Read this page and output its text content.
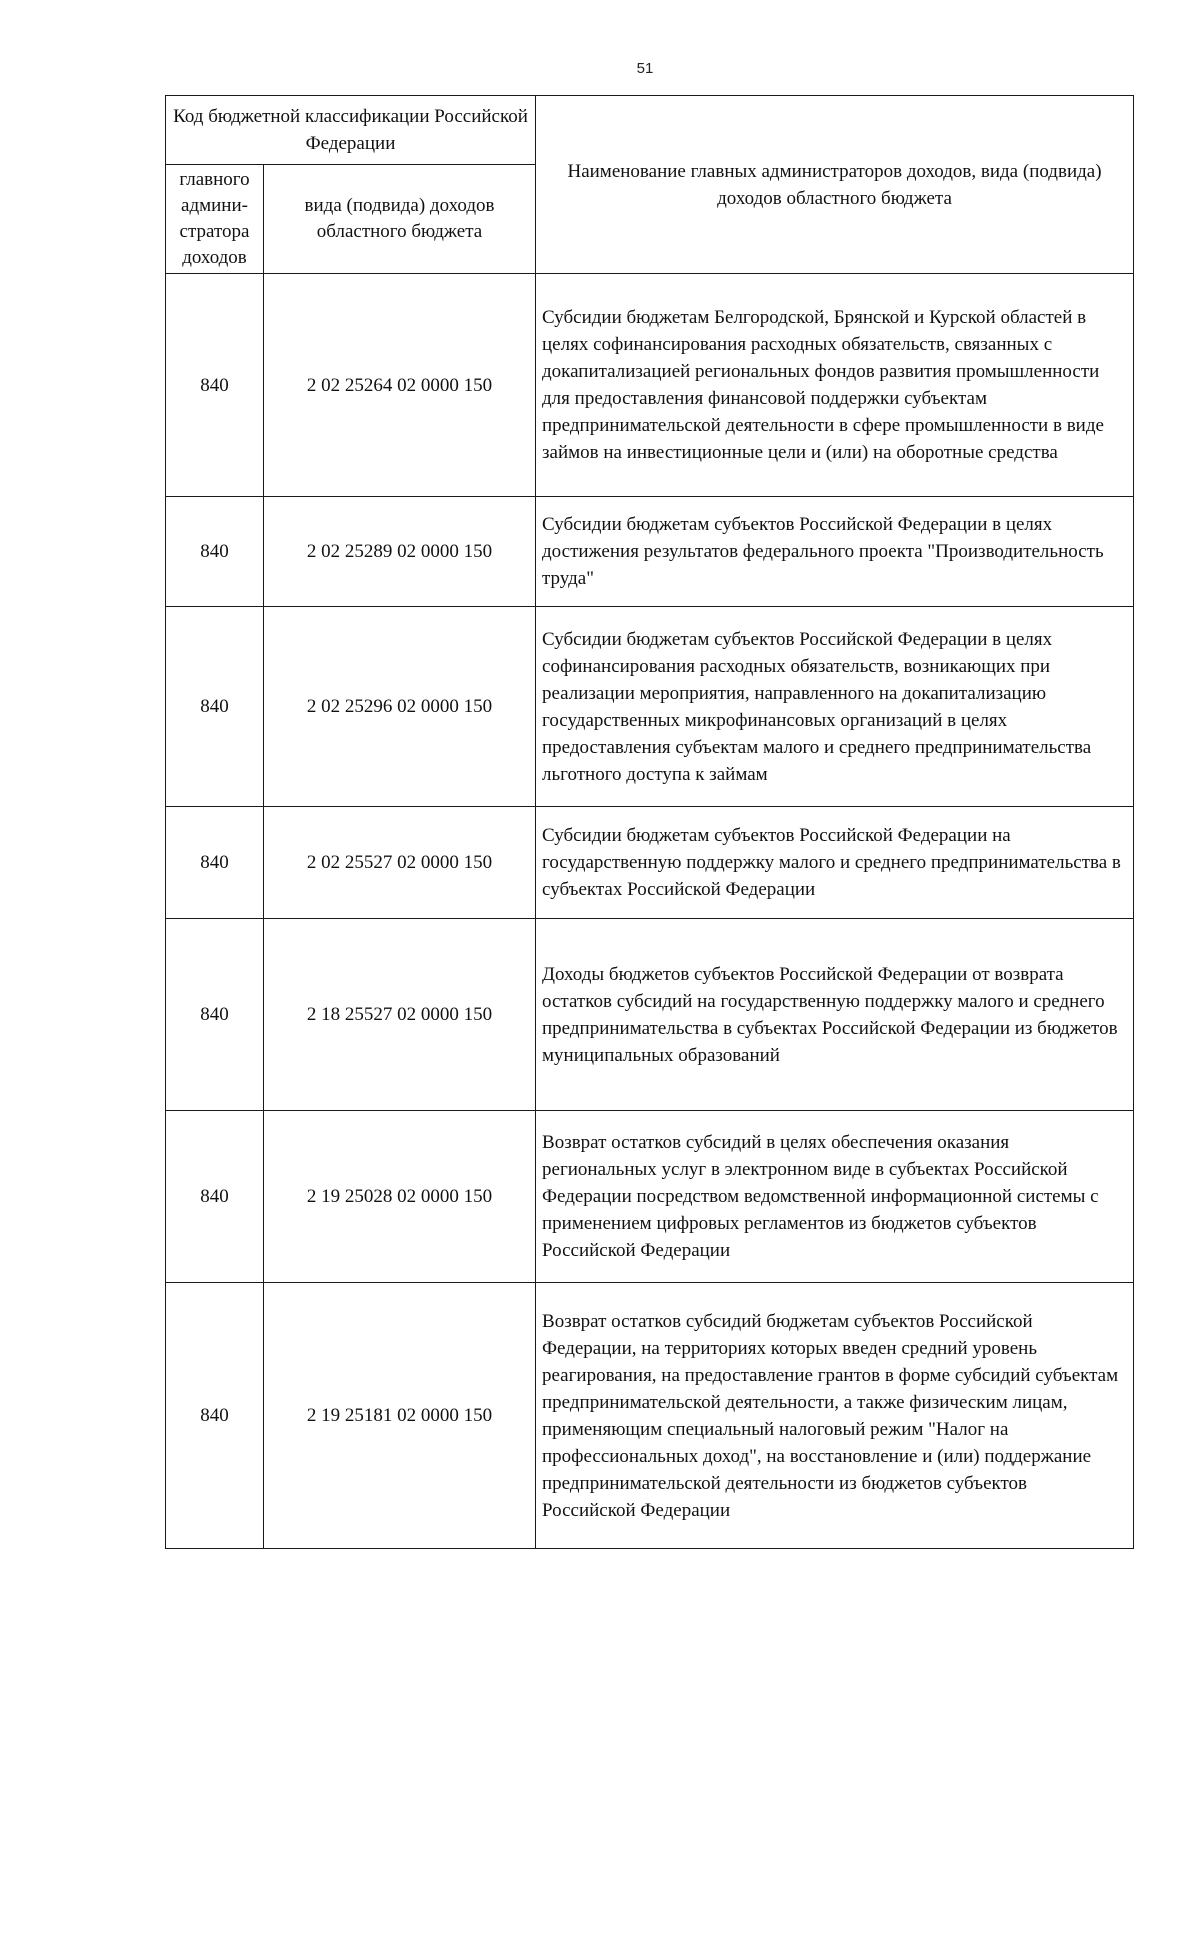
51
Код бюджетной классификации Российской Федерации		Наименование главных администраторов доходов, вида (подвида) доходов областного бюджета
главного админи-стратора доходов	вида (подвида) доходов областного бюджета	
840	2 02 25264 02 0000 150	Субсидии бюджетам Белгородской, Брянской и Курской областей в целях софинансирования расходных обязательств, связанных с докапитализацией региональных фондов развития промышленности для предоставления финансовой поддержки субъектам предпринимательской деятельности в сфере промышленности в виде займов на инвестиционные цели и (или) на оборотные средства
840	2 02 25289 02 0000 150	Субсидии бюджетам субъектов Российской Федерации в целях достижения результатов федерального проекта "Производительность труда"
840	2 02 25296 02 0000 150	Субсидии бюджетам субъектов Российской Федерации в целях софинансирования расходных обязательств, возникающих при реализации мероприятия, направленного на докапитализацию государственных микрофинансовых организаций в целях предоставления субъектам малого и среднего предпринимательства льготного доступа к займам
840	2 02 25527 02 0000 150	Субсидии бюджетам субъектов Российской Федерации на государственную поддержку малого и среднего предпринимательства в субъектах Российской Федерации
840	2 18 25527 02 0000 150	Доходы бюджетов субъектов Российской Федерации от возврата остатков субсидий на государственную поддержку малого и среднего предпринимательства в субъектах Российской Федерации из бюджетов муниципальных образований
840	2 19 25028 02 0000 150	Возврат остатков субсидий в целях обеспечения оказания региональных услуг в электронном виде в субъектах Российской Федерации посредством ведомственной информационной системы с применением цифровых регламентов из бюджетов субъектов Российской Федерации
840	2 19 25181 02 0000 150	Возврат остатков субсидий бюджетам субъектов Российской Федерации, на территориях которых введен средний уровень реагирования, на предоставление грантов в форме субсидий субъектам предпринимательской деятельности, а также физическим лицам, применяющим специальный налоговый режим "Налог на профессиональных доход", на восстановление и (или) поддержание предпринимательской деятельности из бюджетов субъектов Российской Федерации
